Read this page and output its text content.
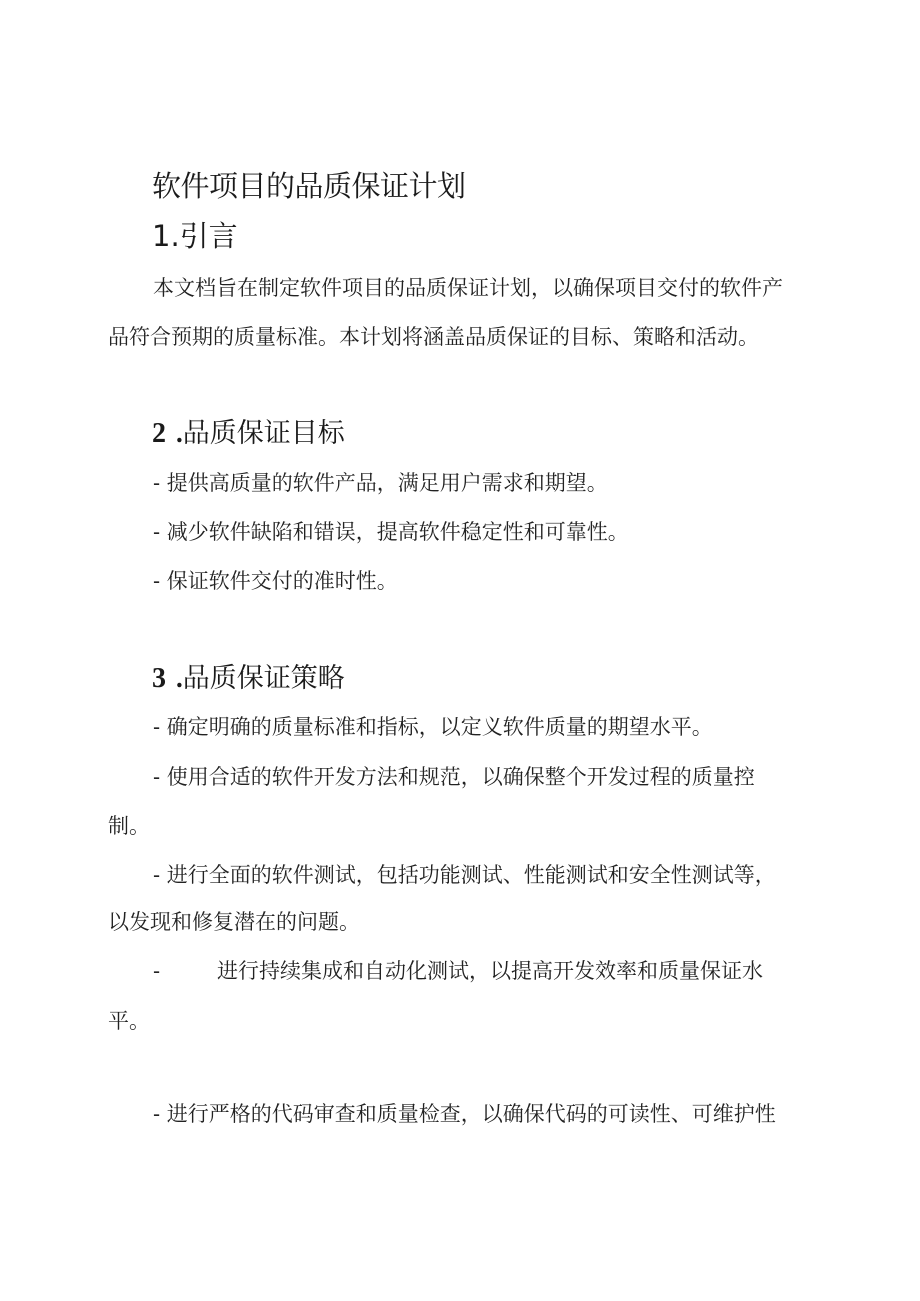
软件项目的品质保证计划
1.引言
本文档旨在制定软件项目的品质保证计划，以确保项目交付的软件产
品符合预期的质量标准。本计划将涵盖品质保证的目标、策略和活动。
2 .品质保证目标
- 提供高质量的软件产品，满足用户需求和期望。
- 减少软件缺陷和错误，提高软件稳定性和可靠性。
- 保证软件交付的准时性。
3 .品质保证策略
- 确定明确的质量标准和指标，以定义软件质量的期望水平。
- 使用合适的软件开发方法和规范，以确保整个开发过程的质量控
制。
- 进行全面的软件测试，包括功能测试、性能测试和安全性测试等，
以发现和修复潜在的问题。
-	进行持续集成和自动化测试，以提高开发效率和质量保证水
平。
- 进行严格的代码审查和质量检查，以确保代码的可读性、可维护性
